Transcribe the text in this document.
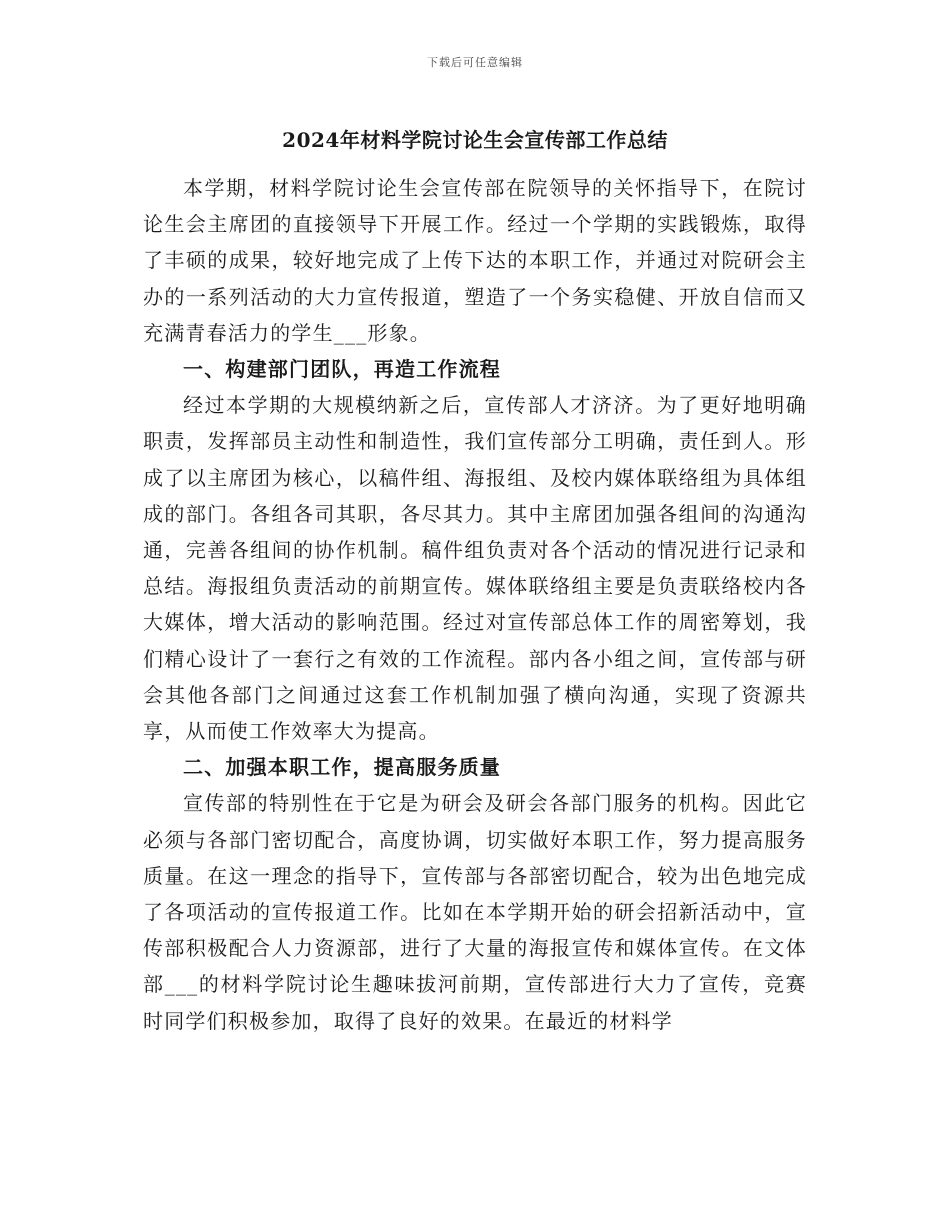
下载后可任意编辑
2024年材料学院讨论生会宣传部工作总结

本学期，材料学院讨论生会宣传部在院领导的关怀指导下，在院讨论生会主席团的直接领导下开展工作。经过一个学期的实践锻炼，取得了丰硕的成果，较好地完成了上传下达的本职工作，并通过对院研会主办的一系列活动的大力宣传报道，塑造了一个务实稳健、开放自信而又充满青春活力的学生___形象。

一、构建部门团队，再造工作流程

经过本学期的大规模纳新之后，宣传部人才济济。为了更好地明确职责，发挥部员主动性和制造性，我们宣传部分工明确，责任到人。形成了以主席团为核心，以稿件组、海报组、及校内媒体联络组为具体组成的部门。各组各司其职，各尽其力。其中主席团加强各组间的沟通沟通，完善各组间的协作机制。稿件组负责对各个活动的情况进行记录和总结。海报组负责活动的前期宣传。媒体联络组主要是负责联络校内各大媒体，增大活动的影响范围。经过对宣传部总体工作的周密筹划，我们精心设计了一套行之有效的工作流程。部内各小组之间，宣传部与研会其他各部门之间通过这套工作机制加强了横向沟通，实现了资源共享，从而使工作效率大为提高。

二、加强本职工作，提高服务质量

宣传部的特别性在于它是为研会及研会各部门服务的机构。因此它必须与各部门密切配合，高度协调，切实做好本职工作，努力提高服务质量。在这一理念的指导下，宣传部与各部密切配合，较为出色地完成了各项活动的宣传报道工作。比如在本学期开始的研会招新活动中，宣传部积极配合人力资源部，进行了大量的海报宣传和媒体宣传。在文体部___的材料学院讨论生趣味拔河前期，宣传部进行大力了宣传，竞赛时同学们积极参加，取得了良好的效果。在最近的材料学
